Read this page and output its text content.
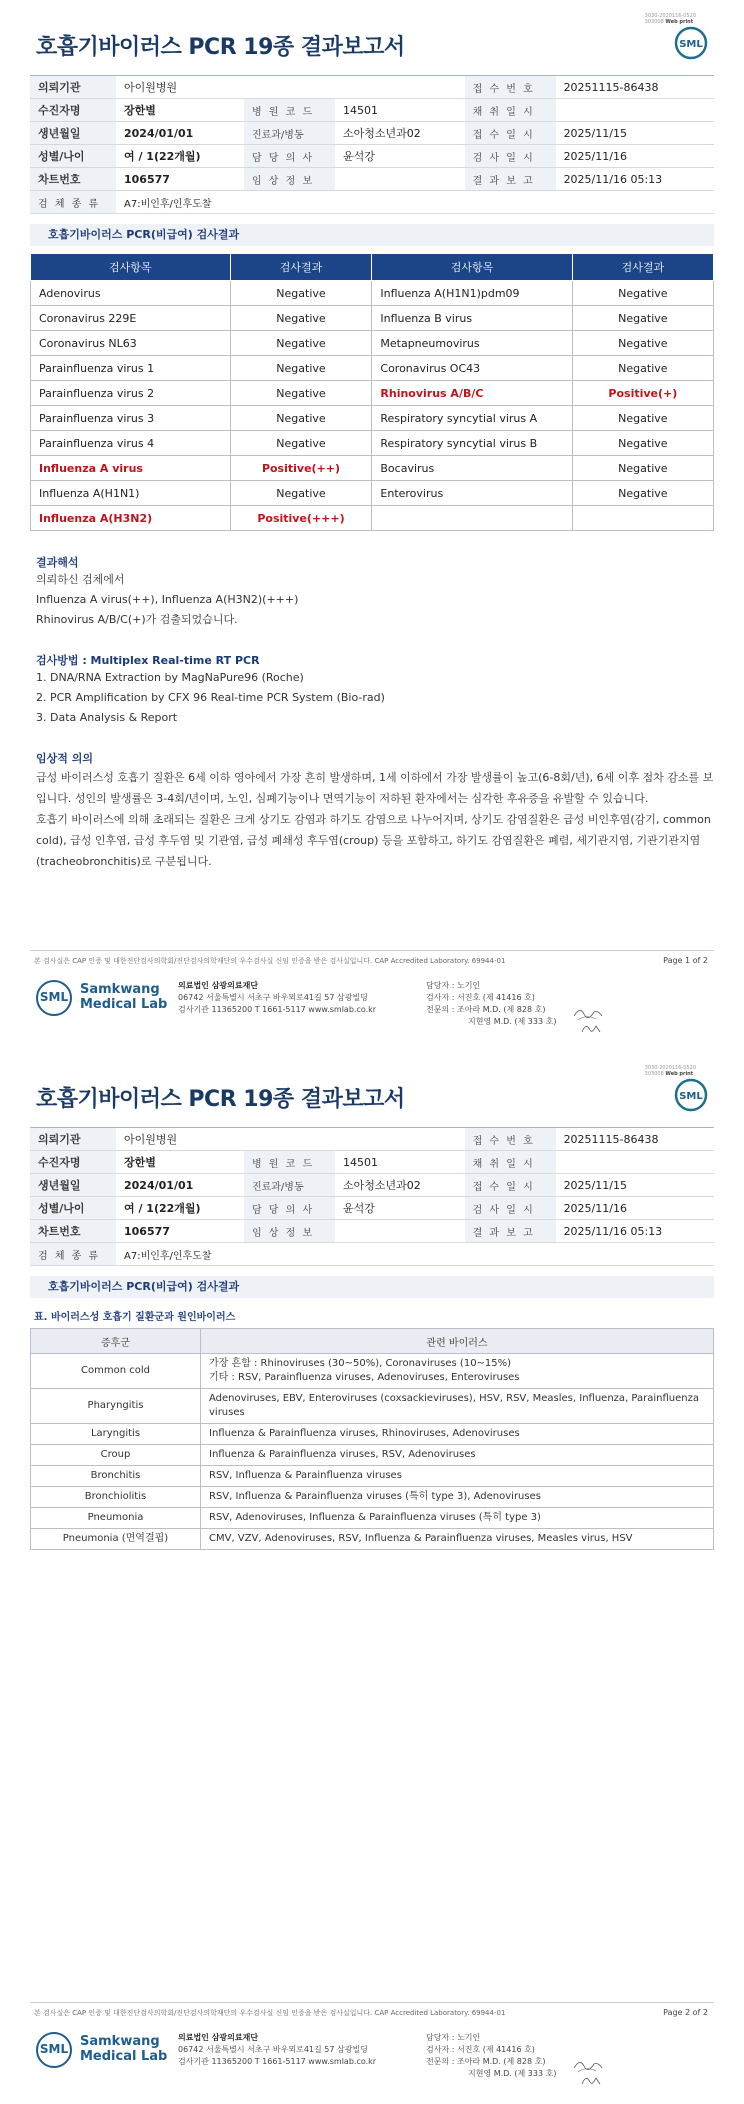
3030-2020116-0520
303008 Web print
호흡기바이러스 PCR 19종 결과보고서	SML
의뢰기관	아이원병원			접 수 번 호	20251115-86438
수진자명	장한별	병 원 코 드	14501	채 취 일 시	
생년월일	2024/01/01	진료과/병동	소아청소년과02	접 수 일 시	2025/11/15
성별/나이	여 / 1(22개월)	담 당 의 사	윤석강	검 사 일 시	2025/11/16
차트번호	106577	임 상 정 보		결 과 보 고	2025/11/16 05:13
검 체 종 류	A7:비인후/인후도찰				
호흡기바이러스 PCR(비급여) 검사결과
검사항목	검사결과	검사항목	검사결과
Adenovirus	Negative	Influenza A(H1N1)pdm09	Negative
Coronavirus 229E	Negative	Influenza B virus	Negative
Coronavirus NL63	Negative	Metapneumovirus	Negative
Parainfluenza virus 1	Negative	Coronavirus OC43	Negative
Parainfluenza virus 2	Negative	Rhinovirus A/B/C	Positive(+)
Parainfluenza virus 3	Negative	Respiratory syncytial virus A	Negative
Parainfluenza virus 4	Negative	Respiratory syncytial virus B	Negative
Influenza A virus	Positive(++)	Bocavirus	Negative
Influenza A(H1N1)	Negative	Enterovirus	Negative
Influenza A(H3N2)	Positive(+++)		
결과해석
의뢰하신 검체에서
Influenza A virus(++), Influenza A(H3N2)(+++)
Rhinovirus A/B/C(+)가 검출되었습니다.
검사방법 : Multiplex Real-time RT PCR
1. DNA/RNA Extraction by MagNaPure96 (Roche)
2. PCR Amplification by CFX 96 Real-time PCR System (Bio-rad)
3. Data Analysis & Report
임상적 의의
급성 바이러스성 호흡기 질환은 6세 이하 영아에서 가장 흔히 발생하며, 1세 이하에서 가장 발생률이 높고(6-8회/년), 6세 이후 점차 감소를 보입니다. 성인의 발생률은 3-4회/년이며, 노인, 심폐기능이나 면역기능이 저하된 환자에서는 심각한 후유증을 유발할 수 있습니다.
호흡기 바이러스에 의해 초래되는 질환은 크게 상기도 감염과 하기도 감염으로 나누어지며, 상기도 감염질환은 급성 비인후염(감기, common cold), 급성 인후염, 급성 후두염 및 기관염, 급성 폐쇄성 후두염(croup) 등을 포함하고, 하기도 감염질환은 폐렴, 세기관지염, 기관기관지염(tracheobronchitis)로 구분됩니다.
본 검사실은 CAP 인증 및 대한진단검사의학회/진단검사의학재단의 우수검사실 신임 인증을 받은 검사실입니다. CAP Accredited Laboratory. 69944-01	Page 1 of 2
SML Samkwang
Medical Lab
의료법인 삼광의료재단
06742 서울특별시 서초구 바우뫼로41길 57 삼광빌딩
검사기관 11365200 T 1661-5117 www.smlab.co.kr
담당자 : 노기인
검사자 : 서진호 (제 41416 호)
전문의 : 조아라 M.D. (제 828 호)
지현영 M.D. (제 333 호)
3030-2020116-0520
303008 Web print
호흡기바이러스 PCR 19종 결과보고서	SML
의뢰기관	아이원병원			접 수 번 호	20251115-86438
수진자명	장한별	병 원 코 드	14501	채 취 일 시	
생년월일	2024/01/01	진료과/병동	소아청소년과02	접 수 일 시	2025/11/15
성별/나이	여 / 1(22개월)	담 당 의 사	윤석강	검 사 일 시	2025/11/16
차트번호	106577	임 상 정 보		결 과 보 고	2025/11/16 05:13
검 체 종 류	A7:비인후/인후도찰				
호흡기바이러스 PCR(비급여) 검사결과
표. 바이러스성 호흡기 질환군과 원인바이러스
증후군	관련 바이러스
Common cold	가장 흔함 : Rhinoviruses (30~50%), Coronaviruses (10~15%)
기타 : RSV, Parainfluenza viruses, Adenoviruses, Enteroviruses
Pharyngitis	Adenoviruses, EBV, Enteroviruses (coxsackieviruses), HSV, RSV, Measles, Influenza, Parainfluenza viruses
Laryngitis	Influenza & Parainfluenza viruses, Rhinoviruses, Adenoviruses
Croup	Influenza & Parainfluenza viruses, RSV, Adenoviruses
Bronchitis	RSV, Influenza & Parainfluenza viruses
Bronchiolitis	RSV, Influenza & Parainfluenza viruses (특히 type 3), Adenoviruses
Pneumonia	RSV, Adenoviruses, Influenza & Parainfluenza viruses (특히 type 3)
Pneumonia (면역결핍)	CMV, VZV, Adenoviruses, RSV, Influenza & Parainfluenza viruses, Measles virus, HSV
본 검사실은 CAP 인증 및 대한진단검사의학회/진단검사의학재단의 우수검사실 신임 인증을 받은 검사실입니다. CAP Accredited Laboratory. 69944-01	Page 2 of 2
SML Samkwang
Medical Lab
의료법인 삼광의료재단
06742 서울특별시 서초구 바우뫼로41길 57 삼광빌딩
검사기관 11365200 T 1661-5117 www.smlab.co.kr
담당자 : 노기인
검사자 : 서진호 (제 41416 호)
전문의 : 조아라 M.D. (제 828 호)
지현영 M.D. (제 333 호)
